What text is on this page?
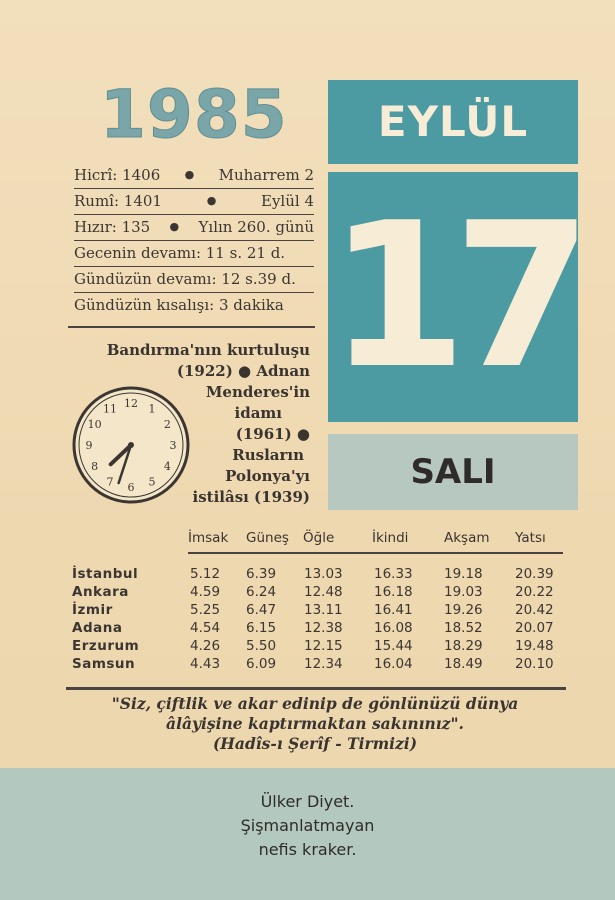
1985
Hicrî: 1406 ● Muharrem 2
Rumî: 1401	●	Eylül 4
Hızır: 135 ● Yılın 260. günü
Gecenin devamı: 11 s. 21 d.
Gündüzün devamı: 12 s.39 d.
Gündüzün kısalışı: 3 dakika
Bandırma'nın kurtuluşu
(1922) ● Adnan
Menderes'in
idamı
(1961) ●
Rusların
Polonya'yı
istilâsı (1939)
12 1
2
3
4
5
6
7
8
9
10
11
EYLÜL
17
SALI
İmsak Güneş Öğle	İkindi	Akşam Yatsı
İstanbul	5.12 6.39 13.03 16.33 19.18 20.39
Ankara	4.59 6.24 12.48 16.18 19.03 20.22
İzmir	5.25 6.47 13.11 16.41 19.26 20.42
Adana	4.54 6.15 12.38 16.08 18.52 20.07
Erzurum	4.26 5.50 12.15 15.44 18.29 19.48
Samsun	4.43 6.09 12.34 16.04 18.49 20.10
"Siz, çiftlik ve akar edinip de gönlünüzü dünya
âlâyişine kaptırmaktan sakınınız".
(Hadîs-ı Şerîf - Tirmizi)
Ülker Diyet.
Şişmanlatmayan
nefis kraker.
